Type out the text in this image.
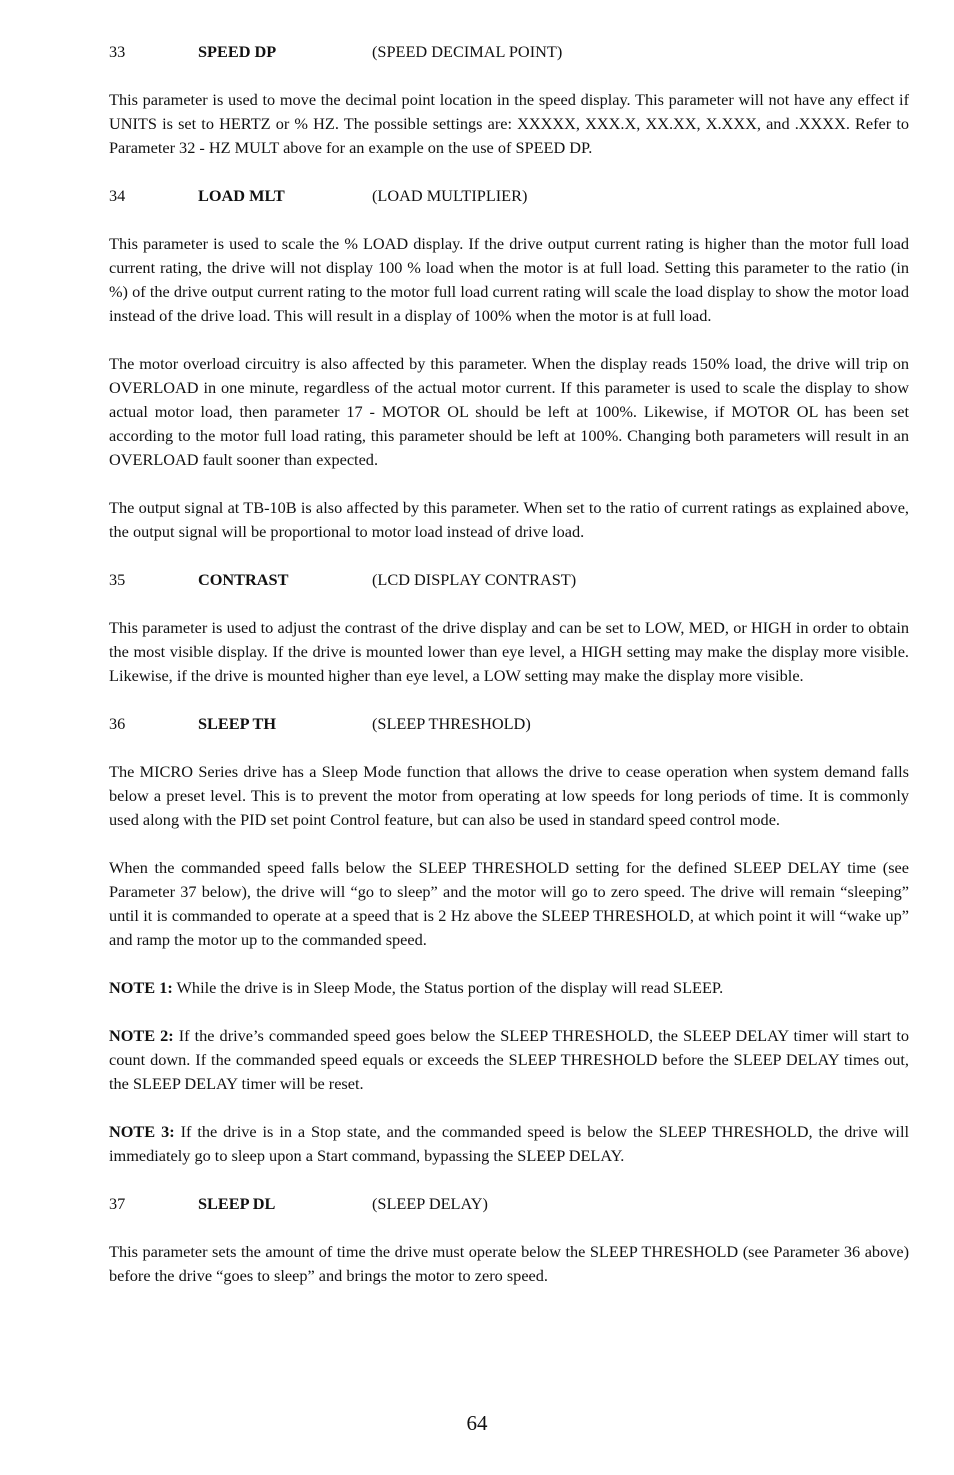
33	SPEED DP	(SPEED DECIMAL POINT)

This parameter is used to move the decimal point location in the speed display. This parameter will not have any effect if UNITS is set to HERTZ or % HZ. The possible settings are: XXXXX, XXX.X, XX.XX, X.XXX, and .XXXX. Refer to Parameter 32 - HZ MULT above for an example on the use of SPEED DP.

34	LOAD MLT	(LOAD MULTIPLIER)

This parameter is used to scale the % LOAD display. If the drive output current rating is higher than the motor full load current rating, the drive will not display 100 % load when the motor is at full load. Setting this parameter to the ratio (in %) of the drive output current rating to the motor full load current rating will scale the load display to show the motor load instead of the drive load. This will result in a display of 100% when the motor is at full load.

The motor overload circuitry is also affected by this parameter. When the display reads 150% load, the drive will trip on OVERLOAD in one minute, regardless of the actual motor current. If this parameter is used to scale the display to show actual motor load, then parameter 17 - MOTOR OL should be left at 100%. Likewise, if MOTOR OL has been set according to the motor full load rating, this parameter should be left at 100%. Changing both parameters will result in an OVERLOAD fault sooner than expected.

The output signal at TB-10B is also affected by this parameter. When set to the ratio of current ratings as explained above, the output signal will be proportional to motor load instead of drive load.

35	CONTRAST	(LCD DISPLAY CONTRAST)

This parameter is used to adjust the contrast of the drive display and can be set to LOW, MED, or HIGH in order to obtain the most visible display. If the drive is mounted lower than eye level, a HIGH setting may make the display more visible. Likewise, if the drive is mounted higher than eye level, a LOW setting may make the display more visible.

36	SLEEP TH	(SLEEP THRESHOLD)

The MICRO Series drive has a Sleep Mode function that allows the drive to cease operation when system demand falls below a preset level. This is to prevent the motor from operating at low speeds for long periods of time. It is commonly used along with the PID set point Control feature, but can also be used in standard speed control mode.

When the commanded speed falls below the SLEEP THRESHOLD setting for the defined SLEEP DELAY time (see Parameter 37 below), the drive will “go to sleep” and the motor will go to zero speed. The drive will remain “sleeping” until it is commanded to operate at a speed that is 2 Hz above the SLEEP THRESHOLD, at which point it will “wake up” and ramp the motor up to the commanded speed.

NOTE 1: While the drive is in Sleep Mode, the Status portion of the display will read SLEEP.

NOTE 2: If the drive’s commanded speed goes below the SLEEP THRESHOLD, the SLEEP DELAY timer will start to count down. If the commanded speed equals or exceeds the SLEEP THRESHOLD before the SLEEP DELAY times out, the SLEEP DELAY timer will be reset.

NOTE 3: If the drive is in a Stop state, and the commanded speed is below the SLEEP THRESHOLD, the drive will immediately go to sleep upon a Start command, bypassing the SLEEP DELAY.

37	SLEEP DL	(SLEEP DELAY)

This parameter sets the amount of time the drive must operate below the SLEEP THRESHOLD (see Parameter 36 above) before the drive “goes to sleep” and brings the motor to zero speed.

64
